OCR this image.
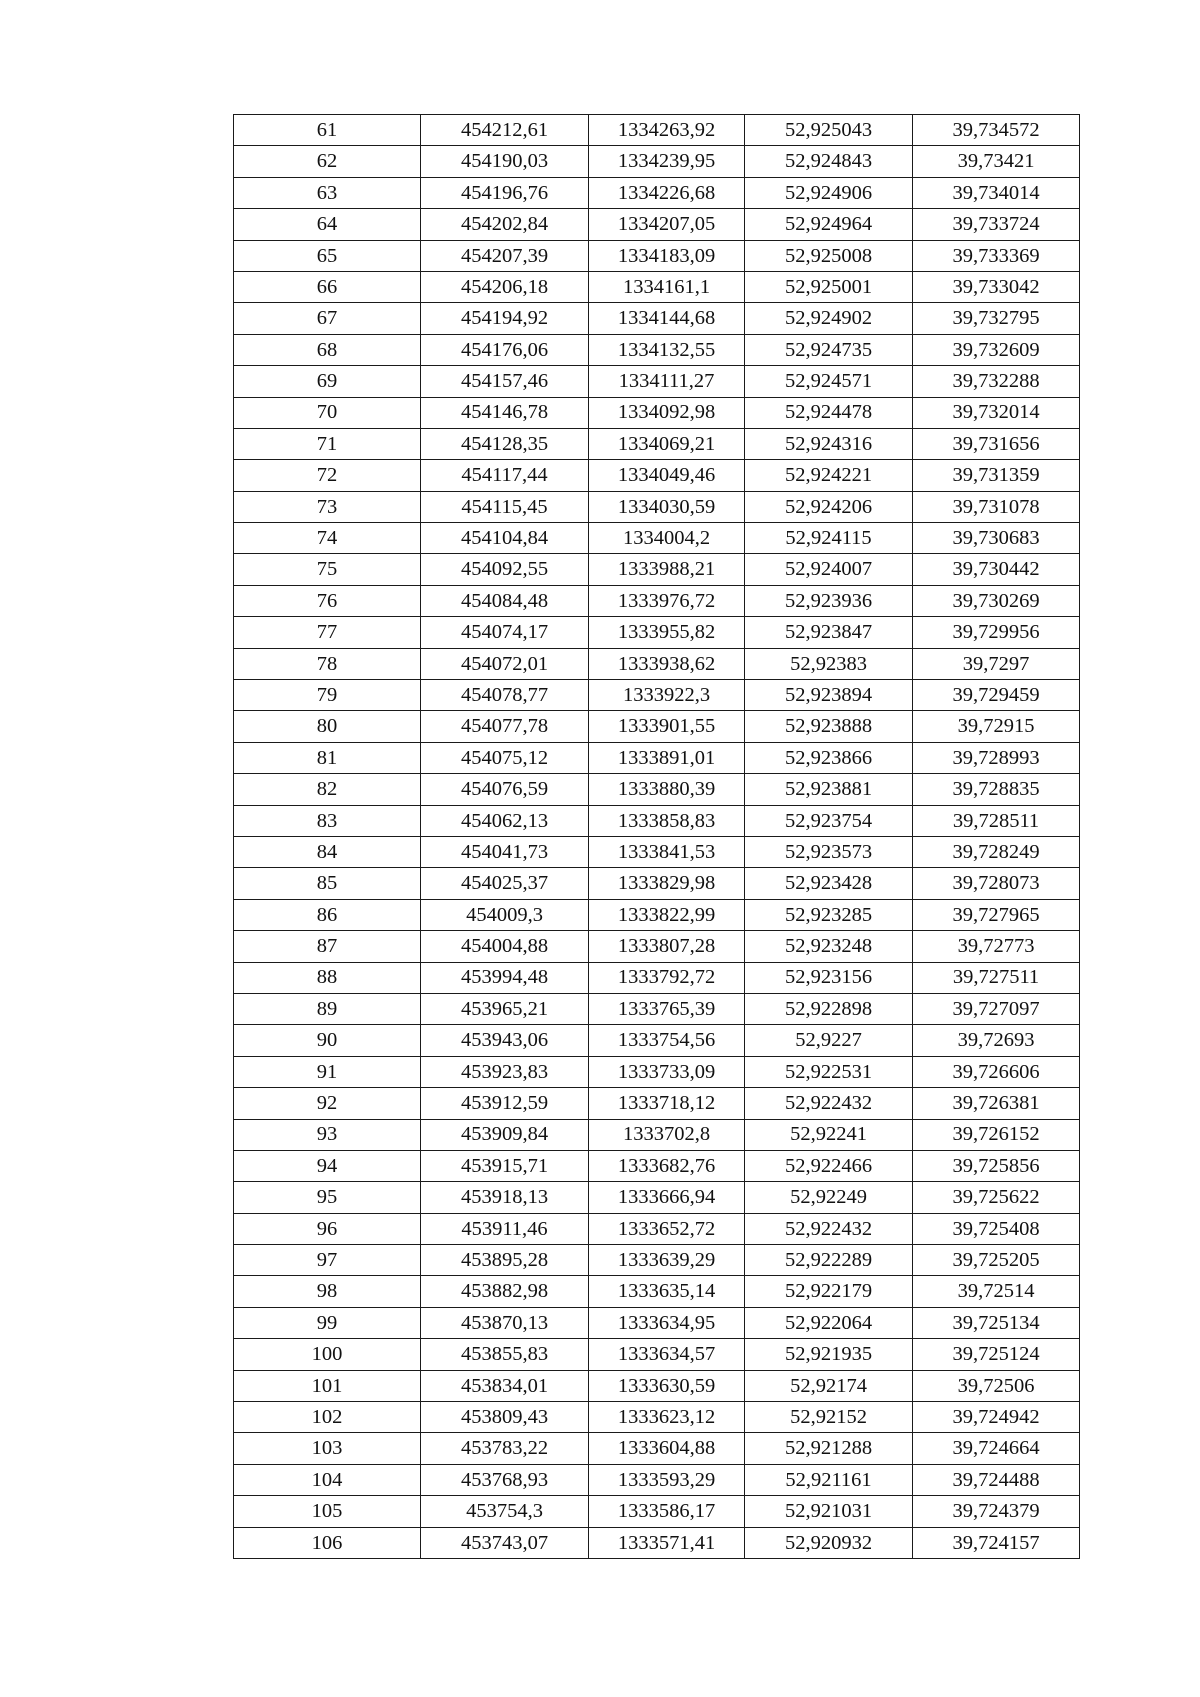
61	454212,61	1334263,92	52,925043	39,734572
62	454190,03	1334239,95	52,924843	39,73421
63	454196,76	1334226,68	52,924906	39,734014
64	454202,84	1334207,05	52,924964	39,733724
65	454207,39	1334183,09	52,925008	39,733369
66	454206,18	1334161,1	52,925001	39,733042
67	454194,92	1334144,68	52,924902	39,732795
68	454176,06	1334132,55	52,924735	39,732609
69	454157,46	1334111,27	52,924571	39,732288
70	454146,78	1334092,98	52,924478	39,732014
71	454128,35	1334069,21	52,924316	39,731656
72	454117,44	1334049,46	52,924221	39,731359
73	454115,45	1334030,59	52,924206	39,731078
74	454104,84	1334004,2	52,924115	39,730683
75	454092,55	1333988,21	52,924007	39,730442
76	454084,48	1333976,72	52,923936	39,730269
77	454074,17	1333955,82	52,923847	39,729956
78	454072,01	1333938,62	52,92383	39,7297
79	454078,77	1333922,3	52,923894	39,729459
80	454077,78	1333901,55	52,923888	39,72915
81	454075,12	1333891,01	52,923866	39,728993
82	454076,59	1333880,39	52,923881	39,728835
83	454062,13	1333858,83	52,923754	39,728511
84	454041,73	1333841,53	52,923573	39,728249
85	454025,37	1333829,98	52,923428	39,728073
86	454009,3	1333822,99	52,923285	39,727965
87	454004,88	1333807,28	52,923248	39,72773
88	453994,48	1333792,72	52,923156	39,727511
89	453965,21	1333765,39	52,922898	39,727097
90	453943,06	1333754,56	52,9227	39,72693
91	453923,83	1333733,09	52,922531	39,726606
92	453912,59	1333718,12	52,922432	39,726381
93	453909,84	1333702,8	52,92241	39,726152
94	453915,71	1333682,76	52,922466	39,725856
95	453918,13	1333666,94	52,92249	39,725622
96	453911,46	1333652,72	52,922432	39,725408
97	453895,28	1333639,29	52,922289	39,725205
98	453882,98	1333635,14	52,922179	39,72514
99	453870,13	1333634,95	52,922064	39,725134
100	453855,83	1333634,57	52,921935	39,725124
101	453834,01	1333630,59	52,92174	39,72506
102	453809,43	1333623,12	52,92152	39,724942
103	453783,22	1333604,88	52,921288	39,724664
104	453768,93	1333593,29	52,921161	39,724488
105	453754,3	1333586,17	52,921031	39,724379
106	453743,07	1333571,41	52,920932	39,724157
